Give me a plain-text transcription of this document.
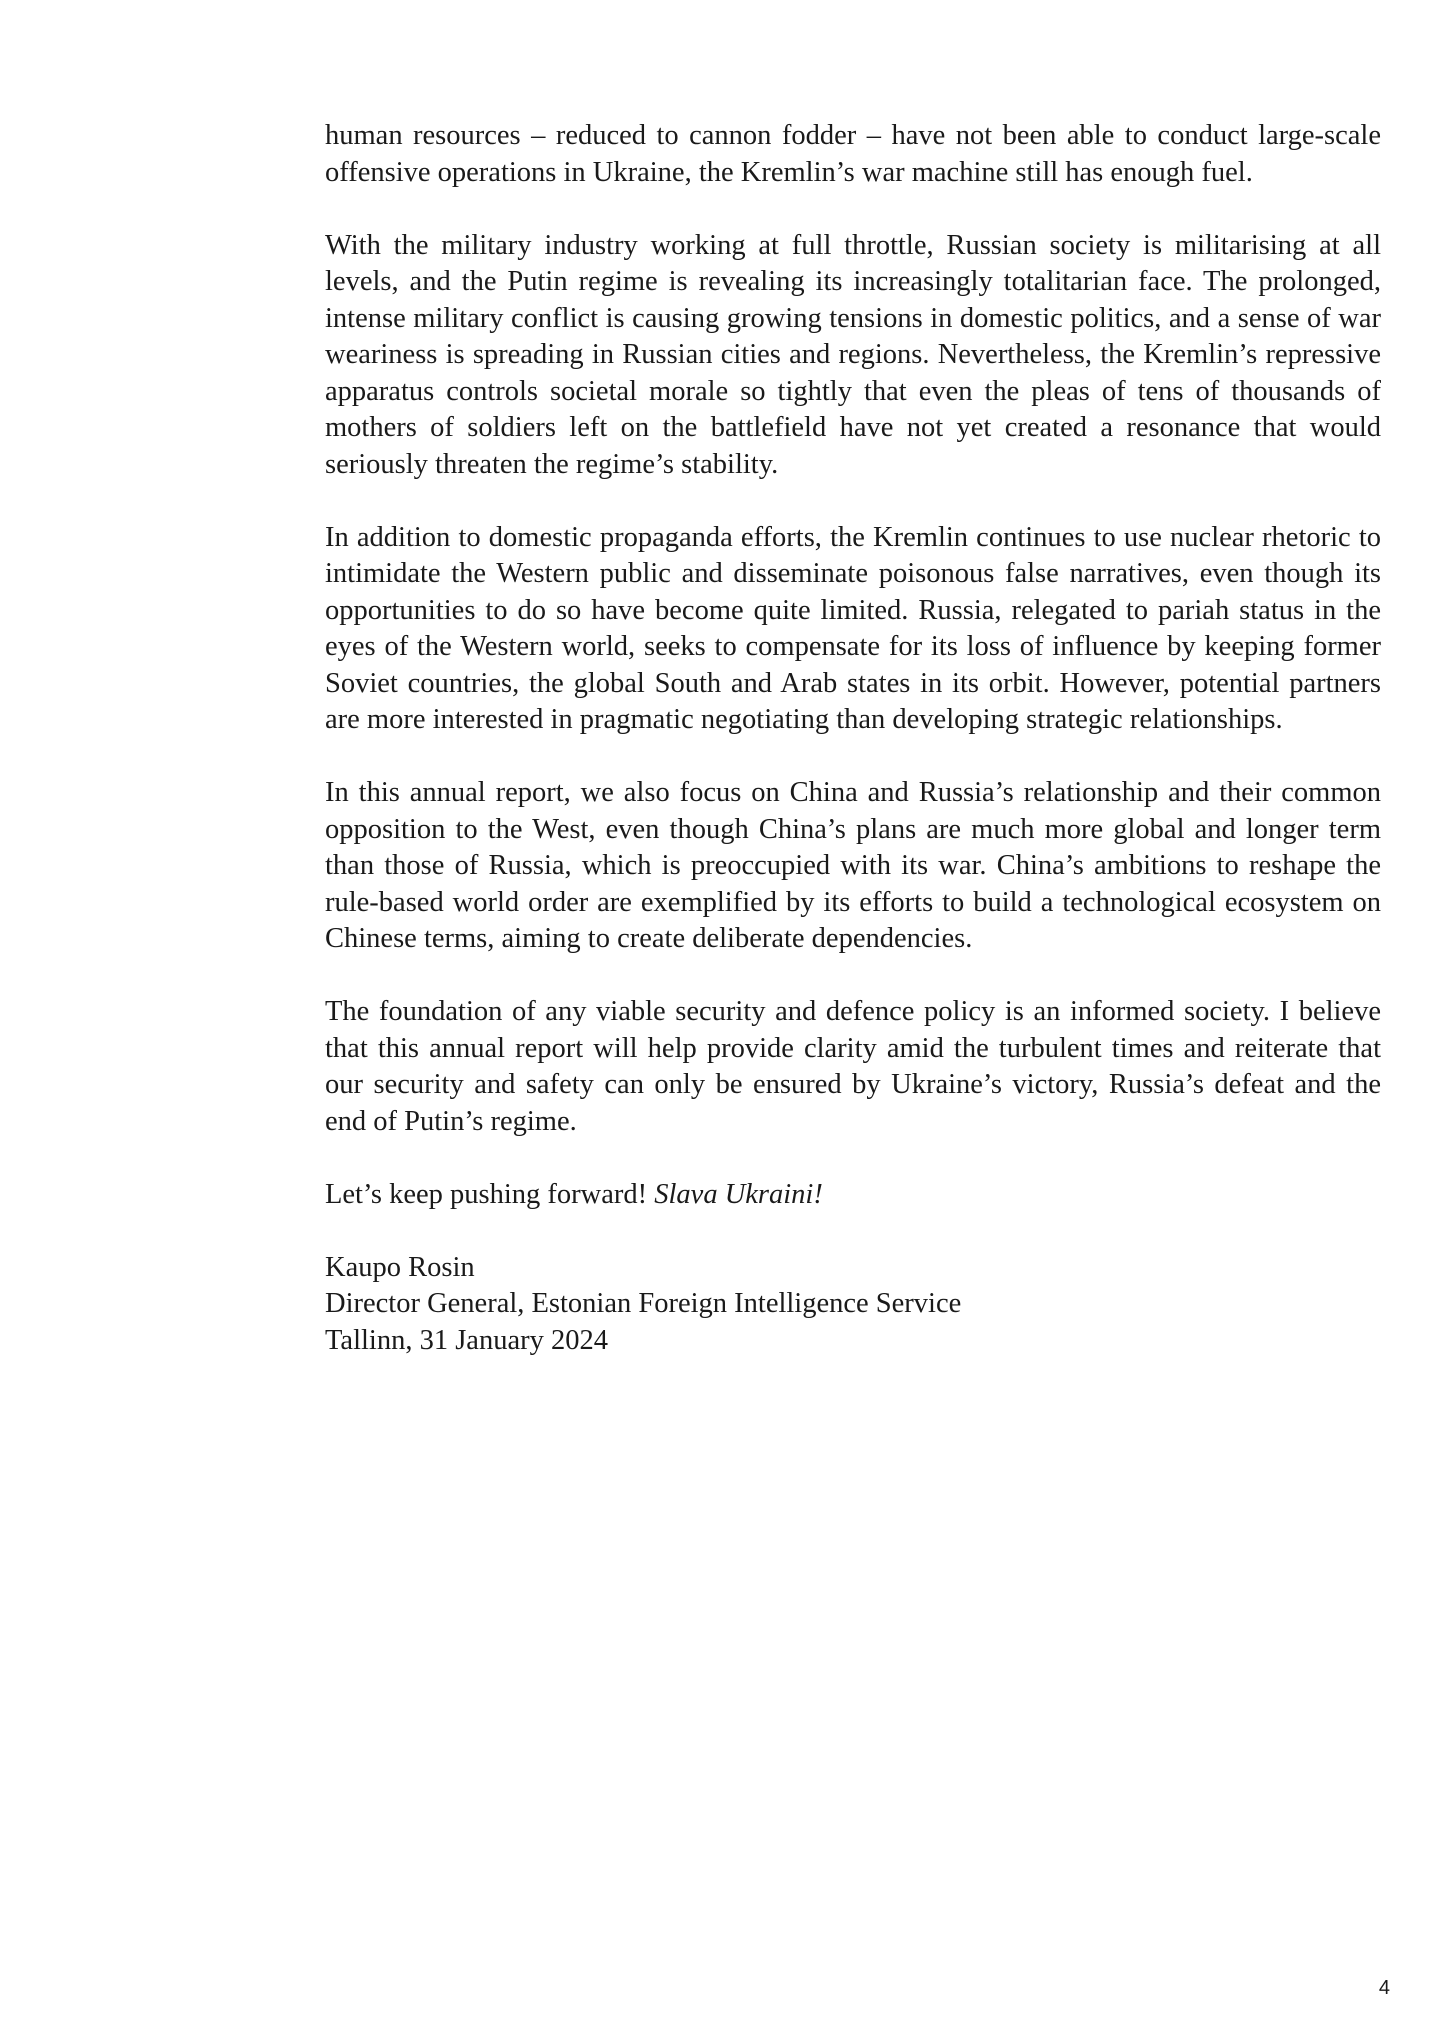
human resources – reduced to cannon fodder – have not been able to conduct large-scale offensive operations in Ukraine, the Kremlin’s war machine still has enough fuel.

With the military industry working at full throttle, Russian society is militarising at all levels, and the Putin regime is revealing its increasingly totalitarian face. The prolonged, intense military conflict is causing growing tensions in domestic politics, and a sense of war weariness is spreading in Russian cities and regions. Nevertheless, the Kremlin’s repressive apparatus controls societal morale so tightly that even the pleas of tens of thousands of mothers of soldiers left on the battlefield have not yet created a resonance that would seriously threaten the regime’s stability.

In addition to domestic propaganda efforts, the Kremlin continues to use nuclear rhetoric to intimidate the Western public and disseminate poisonous false narratives, even though its opportunities to do so have become quite limited. Russia, relegated to pariah status in the eyes of the Western world, seeks to compensate for its loss of influence by keeping former Soviet countries, the global South and Arab states in its orbit. However, potential partners are more interested in pragmatic negotiating than developing strategic relationships.

In this annual report, we also focus on China and Russia’s relationship and their common opposition to the West, even though China’s plans are much more global and longer term than those of Russia, which is preoccupied with its war. China’s ambitions to reshape the rule-based world order are exemplified by its efforts to build a technological ecosystem on Chinese terms, aiming to create deliberate dependencies.

The foundation of any viable security and defence policy is an informed society. I believe that this annual report will help provide clarity amid the turbulent times and reiterate that our security and safety can only be ensured by Ukraine’s victory, Russia’s defeat and the end of Putin’s regime.

Let’s keep pushing forward! Slava Ukraini!

Kaupo Rosin
Director General, Estonian Foreign Intelligence Service
Tallinn, 31 January 2024

4
